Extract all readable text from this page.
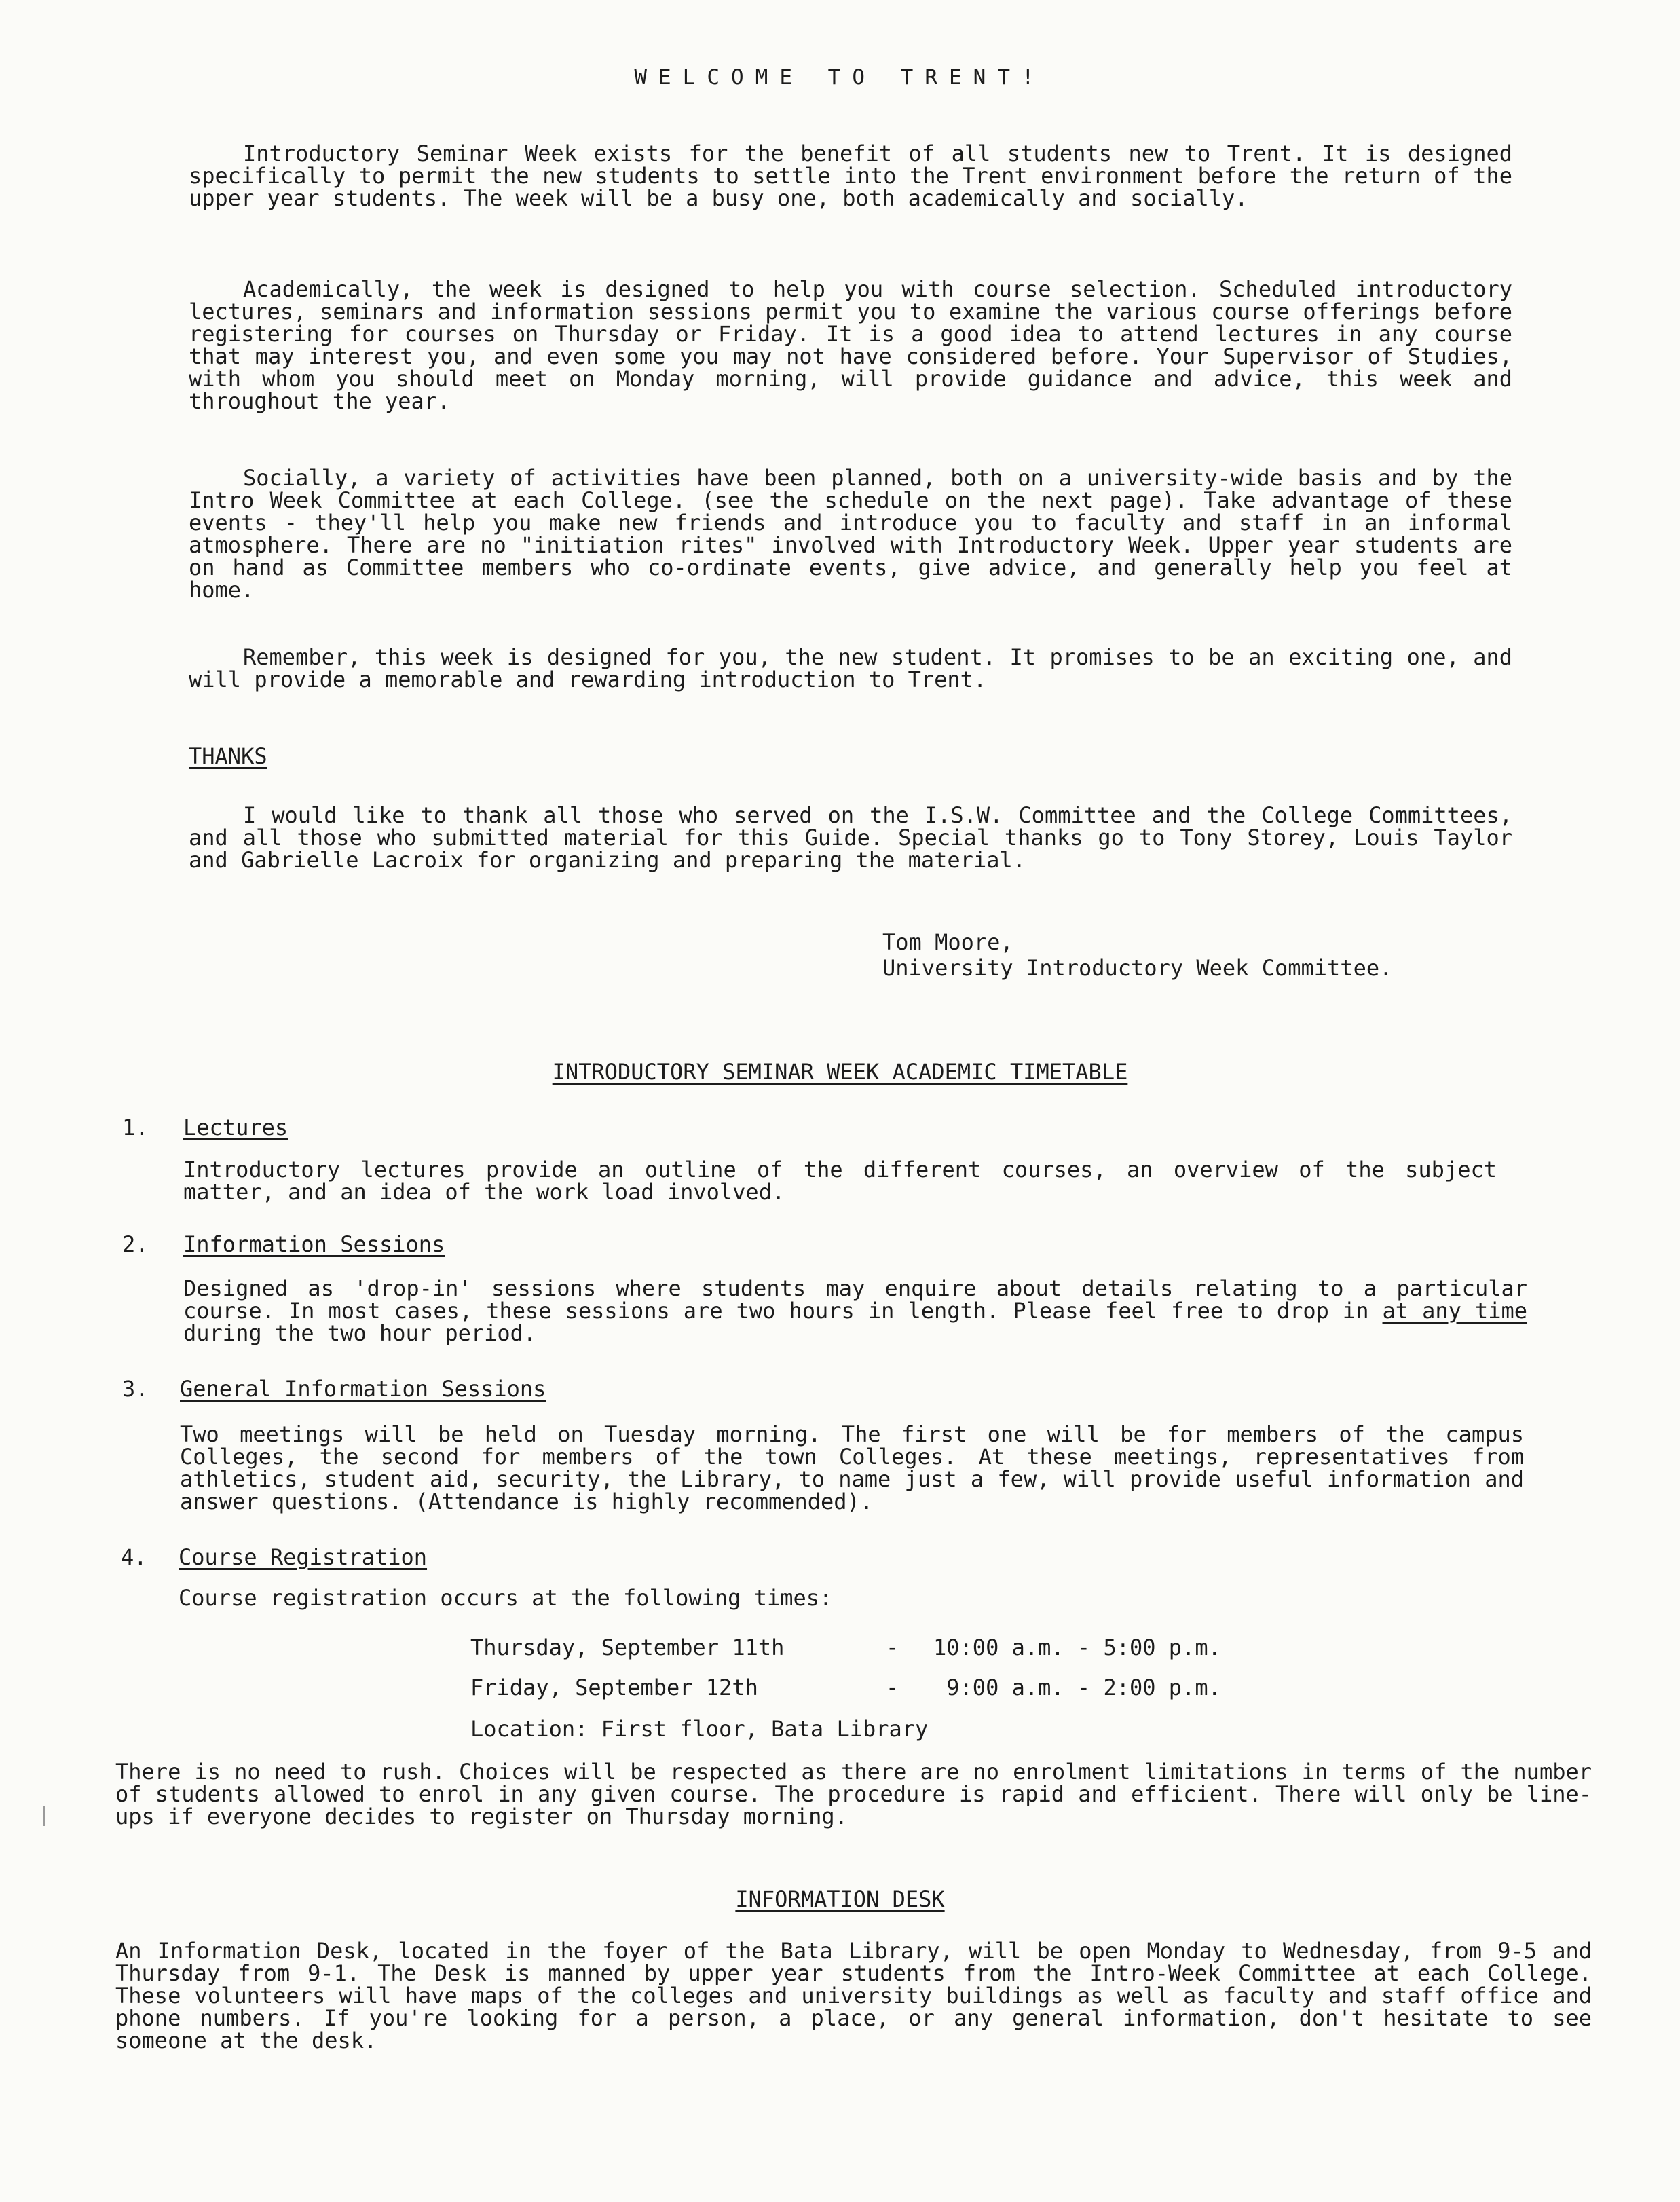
WELCOME TO TRENT!

Introductory Seminar Week exists for the benefit of all students new to Trent. It is designed specifically to permit the new students to settle into the Trent environment before the return of the upper year students. The week will be a busy one, both academically and socially.

Academically, the week is designed to help you with course selection. Scheduled introductory lectures, seminars and information sessions permit you to examine the various course offerings before registering for courses on Thursday or Friday. It is a good idea to attend lectures in any course that may interest you, and even some you may not have considered before. Your Supervisor of Studies, with whom you should meet on Monday morning, will provide guidance and advice, this week and throughout the year.

Socially, a variety of activities have been planned, both on a university-wide basis and by the Intro Week Committee at each College. (see the schedule on the next page). Take advantage of these events - they'll help you make new friends and introduce you to faculty and staff in an informal atmosphere. There are no "initiation rites" involved with Introductory Week. Upper year students are on hand as Committee members who co-ordinate events, give advice, and generally help you feel at home.

Remember, this week is designed for you, the new student. It promises to be an exciting one, and will provide a memorable and rewarding introduction to Trent.

THANKS

I would like to thank all those who served on the I.S.W. Committee and the College Committees, and all those who submitted material for this Guide. Special thanks go to Tony Storey, Louis Taylor and Gabrielle Lacroix for organizing and preparing the material.

Tom Moore,
University Introductory Week Committee.
INTRODUCTORY SEMINAR WEEK ACADEMIC TIMETABLE
1. Lectures
Introductory lectures provide an outline of the different courses, an overview of the subject matter, and an idea of the work load involved.
2. Information Sessions
Designed as 'drop-in' sessions where students may enquire about details relating to a particular course. In most cases, these sessions are two hours in length. Please feel free to drop in at any time during the two hour period.
3. General Information Sessions
Two meetings will be held on Tuesday morning. The first one will be for members of the campus Colleges, the second for members of the town Colleges. At these meetings, representatives from athletics, student aid, security, the Library, to name just a few, will provide useful information and answer questions. (Attendance is highly recommended).
4. Course Registration
Course registration occurs at the following times:
Thursday, September 11th	-	10:00 a.m. - 5:00 p.m.
Friday, September 12th	-	9:00 a.m. - 2:00 p.m.
Location: First floor, Bata Library
There is no need to rush. Choices will be respected as there are no enrolment limitations in terms of the number of students allowed to enrol in any given course. The procedure is rapid and efficient. There will only be line-ups if everyone decides to register on Thursday morning.
INFORMATION DESK
An Information Desk, located in the foyer of the Bata Library, will be open Monday to Wednesday, from 9-5 and Thursday from 9-1. The Desk is manned by upper year students from the Intro-Week Committee at each College. These volunteers will have maps of the colleges and university buildings as well as faculty and staff office and phone numbers. If you're looking for a person, a place, or any general information, don't hesitate to see someone at the desk.
